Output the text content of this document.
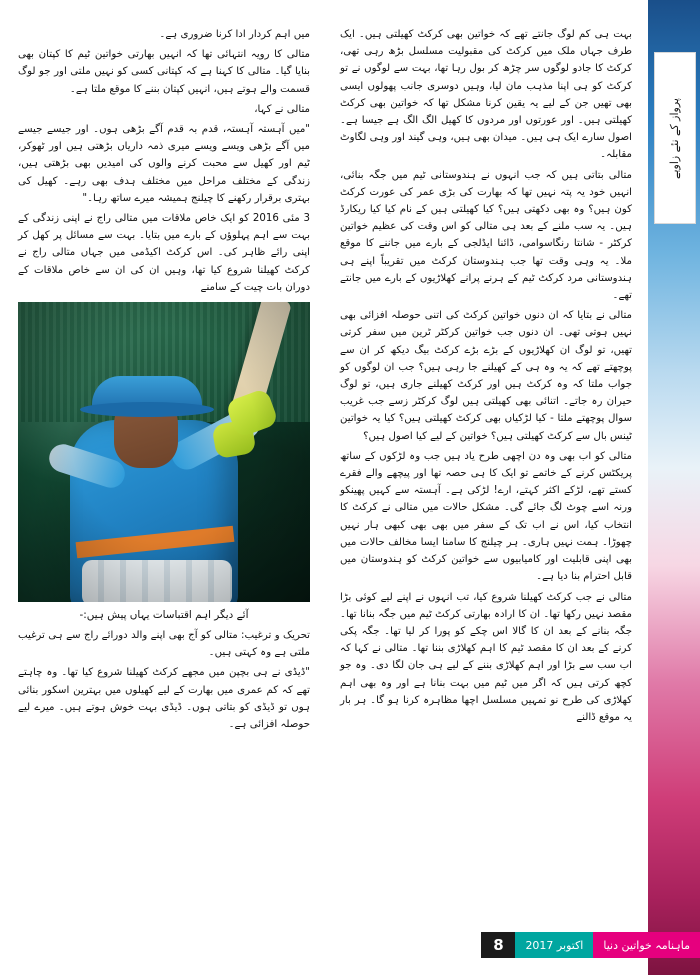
پرواز کے نئے زاویے

بہت ہی کم لوگ جانتے تھے کہ خواتین بھی کرکٹ کھیلتی ہیں۔ ایک طرف جہاں ملک میں کرکٹ کی مقبولیت مسلسل بڑھ رہی تھی، کرکٹ کا جادو لوگوں سر چڑھ کر بول رہا تھا، بہت سے لوگوں نے تو کرکٹ کو ہی اپنا مذہب مان لیا، وہیں دوسری جانب پھولوں ایسی بھی تھیں جن کے لیے یہ یقین کرنا مشکل تھا کہ خواتین بھی کرکٹ کھیلتی ہیں۔ اور عورتوں اور مردوں کا کھیل الگ الگ ہے جیسا ہے۔ اصول سارے ایک ہی ہیں۔ میدان بھی ہیں، وہی گیند اور وہی لگاوٹ مقابلہ۔

متالی بتاتی ہیں کہ جب انہوں نے ہندوستانی ٹیم میں جگہ بنائی، انہیں خود یہ پتہ نہیں تھا کہ بھارت کی بڑی عمر کی عورت کرکٹ کون ہیں؟ وہ بھی دکھتی ہیں؟ کیا کھیلتی ہیں کے نام کیا کیا ریکارڈ ہیں۔ یہ سب ملنے کے بعد ہی متالی کو اس وقت کی عظیم خواتین کرکٹر - شانتا رنگاسوامی، ڈائنا ایڈلجی کے بارے میں جاننے کا موقع ملا۔ یہ وہی وقت تھا جب ہندوستان کرکٹ میں تقریباً اپنے ہی ہندوستانی مرد کرکٹ ٹیم کے ہرنے پرانے کھلاڑیوں کے بارے میں جانتے تھے۔

متالی نے بتایا کہ ان دنوں خواتین کرکٹ کی اتنی حوصلہ افزائی بھی نہیں ہوتی تھی۔ ان دنوں جب خواتین کرکٹر ٹرین میں سفر کرتی تھیں، تو لوگ ان کھلاڑیوں کے بڑے بڑے کرکٹ بیگ دیکھ کر ان سے پوچھتے تھے کہ یہ وہ ہی کے کھیلنے جا رہی ہیں؟ جب ان لوگوں کو جواب ملتا کہ وہ کرکٹ ہیں اور کرکٹ کھیلنے جاری ہیں، تو لوگ حیران رہ جاتے۔ اتنائی بھی کھیلتی ہیں لوگ کرکٹر زسے جب غریب سوال پوچھتے ملتا - کیا لڑکیاں بھی کرکٹ کھیلتی ہیں؟ کیا یہ خواتین ٹینس بال سے کرکٹ کھیلتی ہیں؟ خواتین کے لیے کیا اصول ہیں؟

متالی کو اب بھی وہ دن اچھی طرح یاد ہیں جب وہ لڑکوں کے ساتھ پریکٹس کرنے کے خاتمے تو ایک کا ہی حصہ تھا اور پیچھے والے فقرے کستے تھے، لڑکے اکثر کہتے، ارے! لڑکی ہے۔ آہستہ سے کہیں پھینکو ورنہ اسے چوٹ لگ جائے گی۔ مشکل حالات میں متالی نے کرکٹ کا انتخاب کیا، اس نے اب تک کے سفر میں بھی بھی کبھی ہار نہیں چھوڑا۔ ہمت نہیں ہاری۔ ہر چیلنج کا سامنا ایسا مخالف حالات میں بھی اپنی قابلیت اور کامیابیوں سے خواتین کرکٹ کو ہندوستان میں قابل احترام بنا دیا ہے۔

متالی نے جب کرکٹ کھیلنا شروع کیا، تب انہوں نے اپنے لیے کوئی بڑا مقصد نہیں رکھا تھا۔ ان کا ارادہ بھارتی کرکٹ ٹیم میں جگہ بنانا تھا۔ جگہ بنانے کے بعد ان کا گالا اس چکے کو پورا کر لیا تھا۔ جگہ پکی کرنے کے بعد ان کا مقصد ٹیم کا اہم کھلاڑی بننا تھا۔ متالی نے کہا کہ اب سب سے بڑا اور اہم کھلاڑی بننے کے لیے ہی جان لگا دی۔ وہ جو کچھ کرتی ہیں کہ اگر میں ٹیم میں بہت بنانا ہے اور وہ بھی اہم کھلاڑی کی طرح نو تمہیں مسلسل اچھا مظاہرہ کرنا ہو گا۔ ہر بار یہ موقع ڈالنے

میں اہم کردار ادا کرنا ضروری ہے۔

متالی کا رویہ انتہائی تھا کہ انہیں بھارتی خواتین ٹیم کا کپتان بھی بنایا گیا۔ متالی کا کہنا ہے کہ کپتانی کسی کو نہیں ملتی اور جو لوگ قسمت والے ہوتے ہیں، انہیں کپتان بننے کا موقع ملتا ہے۔

متالی نے کہا،

"میں آہستہ آہستہ، قدم بہ قدم آگے بڑھی ہوں۔ اور جیسے جیسے میں آگے بڑھی ویسے ویسے میری ذمہ داریاں بڑھتی ہیں اور ٹھوکر، ٹیم اور کھیل سے محبت کرنے والوں کی امیدیں بھی بڑھتی ہیں، زندگی کے مختلف مراحل میں مختلف ہدف بھی رہے۔ کھیل کی بہتری برقرار رکھنے کا چیلنج ہمیشہ میرے ساتھ رہا۔"

3 مئی 2016 کو ایک خاص ملاقات میں متالی راج نے اپنی زندگی کے بہت سے اہم پہلوؤں کے بارے میں بتایا۔ بہت سے مسائل پر کھل کر اپنی رائے ظاہر کی۔ اس کرکٹ اکیڈمی میں جہاں متالی راج نے کرکٹ کھیلنا شروع کیا تھا، وہیں ان کی ان سے خاص ملاقات کے دوران بات چیت کے سامنے

آئے دیگر اہم اقتباسات یہاں پیش ہیں:-

تحریک و ترغیب: متالی کو آج بھی اپنے والد دورائے راج سے ہی ترغیب ملتی ہے وہ کہتی ہیں۔

"ڈیڈی نے ہی بچپن میں مجھے کرکٹ کھیلنا شروع کیا تھا۔ وہ چاہتے تھے کہ کم عمری میں بھارت کے لیے کھیلوں میں بہترین اسکور بنائی ہوں تو ڈیڈی کو بتاتی ہوں۔ ڈیڈی بہت خوش ہوتے ہیں۔ میرے لیے حوصلہ افزائی ہے۔

8	اکتوبر 2017	ماہنامہ خواتین دنیا
